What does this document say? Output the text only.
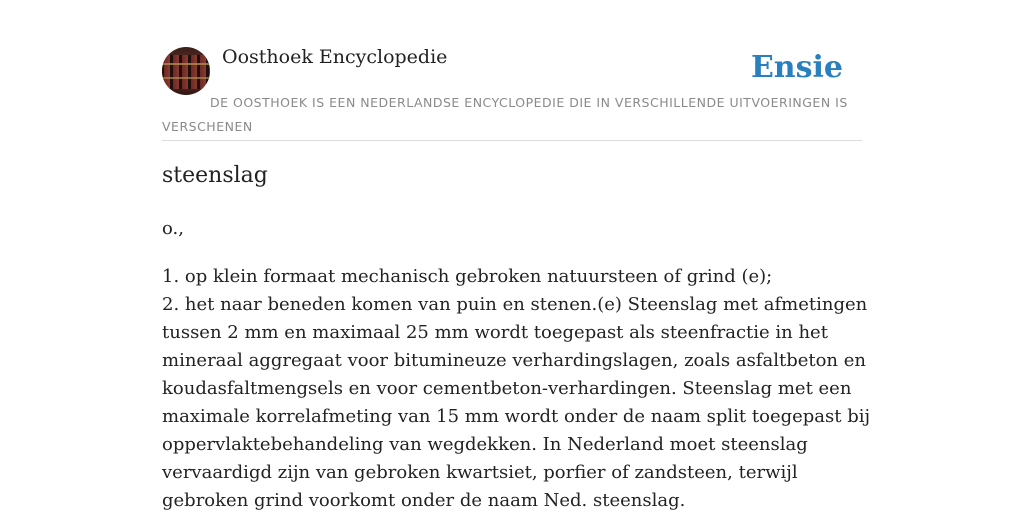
Oosthoek Encyclopedie	Ensie
DE OOSTHOEK IS EEN NEDERLANDSE ENCYCLOPEDIE DIE IN VERSCHILLENDE UITVOERINGEN IS VERSCHENEN
steenslag
o.,

1. op klein formaat mechanisch gebroken natuursteen of grind (e);

2. het naar beneden komen van puin en stenen.(e) Steenslag met afmetingen tussen 2 mm en maximaal 25 mm wordt toegepast als steenfractie in het mineraal aggregaat voor bitumineuze verhardingslagen, zoals asfaltbeton en koudasfaltmengsels en voor cementbeton-verhardingen. Steenslag met een maximale korrelafmeting van 15 mm wordt onder de naam split toegepast bij oppervlaktebehandeling van wegdekken. In Nederland moet steenslag vervaardigd zijn van gebroken kwartsiet, porfier of zandsteen, terwijl gebroken grind voorkomt onder de naam Ned. steenslag.
